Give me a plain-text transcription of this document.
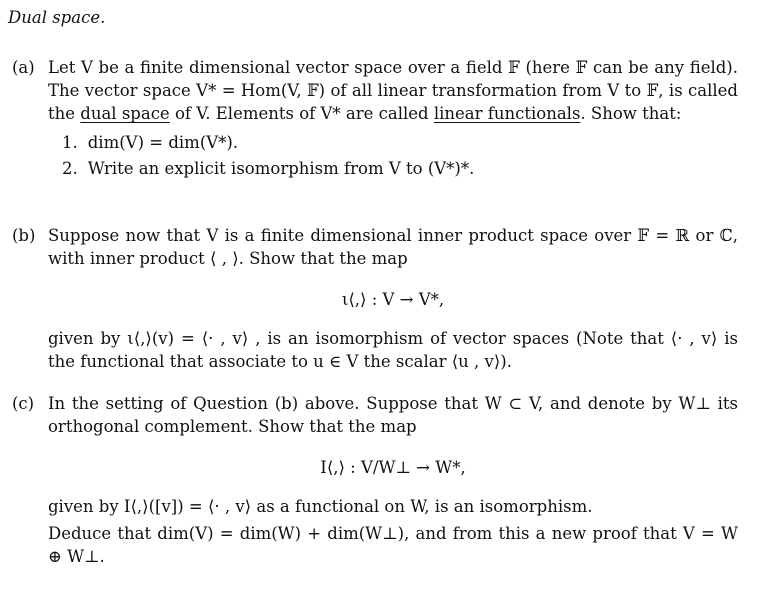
Dual space.
(a) Let V be a finite dimensional vector space over a field 𝔽 (here 𝔽 can be any field). The vector space V* = Hom(V, 𝔽) of all linear transformation from V to 𝔽, is called the dual space of V. Elements of V* are called linear functionals. Show that:
1. dim(V) = dim(V*).
2. Write an explicit isomorphism from V to (V*)*.
(b) Suppose now that V is a finite dimensional inner product space over 𝔽 = ℝ or ℂ, with inner product ⟨ , ⟩. Show that the map
ι⟨,⟩ : V → V*,
given by ι⟨,⟩(v) = ⟨· , v⟩ , is an isomorphism of vector spaces (Note that ⟨· , v⟩ is the functional that associate to u ∈ V the scalar ⟨u , v⟩).
(c) In the setting of Question (b) above. Suppose that W ⊂ V, and denote by W⊥ its orthogonal complement. Show that the map
I⟨,⟩ : V/W⊥ → W*,
given by I⟨,⟩([v]) = ⟨· , v⟩ as a functional on W, is an isomorphism.
Deduce that dim(V) = dim(W) + dim(W⊥), and from this a new proof that V = W ⊕ W⊥.
